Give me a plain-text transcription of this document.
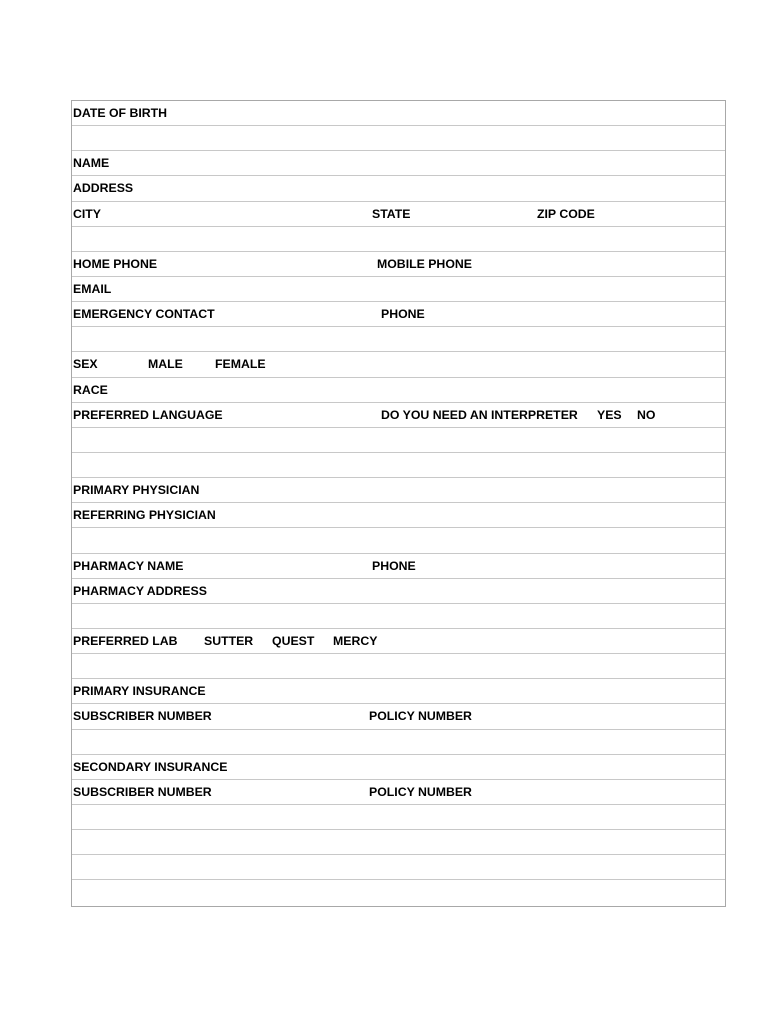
DATE OF BIRTH
NAME
ADDRESS
CITY	STATE	ZIP CODE
HOME PHONE	MOBILE PHONE
EMAIL
EMERGENCY CONTACT	PHONE
SEX	MALE	FEMALE
RACE
PREFERRED LANGUAGE	DO YOU NEED AN INTERPRETER YES NO
PRIMARY PHYSICIAN
REFERRING PHYSICIAN
PHARMACY NAME	PHONE
PHARMACY ADDRESS
PREFERRED LAB SUTTER QUEST MERCY
PRIMARY INSURANCE
SUBSCRIBER NUMBER	POLICY NUMBER
SECONDARY INSURANCE
SUBSCRIBER NUMBER	POLICY NUMBER
